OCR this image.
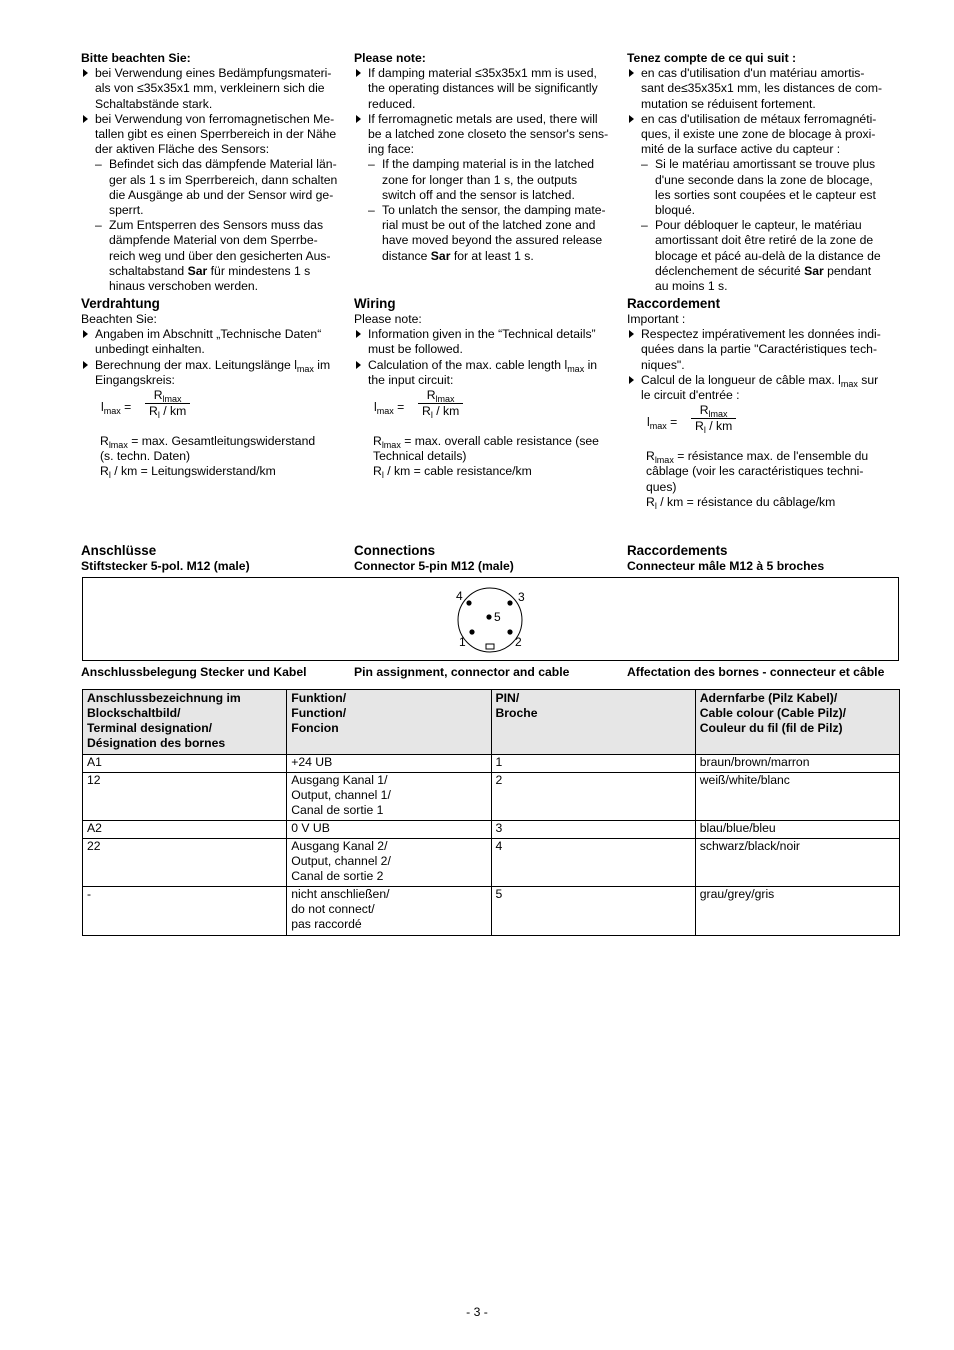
Bitte beachten Sie:
bei Verwendung eines Bedämpfungsmateri-
als von ≤35x35x1 mm, verkleinern sich die
Schaltabstände stark.
bei Verwendung von ferromagnetischen Me-
tallen gibt es einen Sperrbereich in der Nähe
der aktiven Fläche des Sensors:
– Befindet sich das dämpfende Material län-
ger als 1 s im Sperrbereich, dann schalten
die Ausgänge ab und der Sensor wird ge-
sperrt.
– Zum Entsperren des Sensors muss das
dämpfende Material von dem Sperrbe-
reich weg und über den gesicherten Aus-
schaltabstand Sar für mindestens 1 s
hinaus verschoben werden.
Please note:
If damping material ≤35x35x1 mm is used,
the operating distances will be significantly
reduced.
If ferromagnetic metals are used, there will
be a latched zone closeto the sensor's sens-
ing face:
– If the damping material is in the latched
zone for longer than 1 s, the outputs
switch off and the sensor is latched.
– To unlatch the sensor, the damping mate-
rial must be out of the latched zone and
have moved beyond the assured release
distance Sar for at least 1 s.
Tenez compte de ce qui suit :
en cas d'utilisation d'un matériau amortis-
sant de≤35x35x1 mm, les distances de com-
mutation se réduisent fortement.
en cas d'utilisation de métaux ferromagnéti-
ques, il existe une zone de blocage à proxi-
mité de la surface active du capteur :
– Si le matériau amortissant se trouve plus
d'une seconde dans la zone de blocage,
les sorties sont coupées et le capteur est
bloqué.
– Pour débloquer le capteur, le matériau
amortissant doit être retiré de la zone de
blocage et pácé au-delà de la distance de
déclenchement de sécurité Sar pendant
au moins 1 s.
Verdrahtung
Beachten Sie:
Angaben im Abschnitt „Technische Daten“
unbedingt einhalten.
Berechnung der max. Leitungslänge $l_{max}$ im
Eingangskreis:
$l_{max}$ =
$R_{lmax}$
$R_l$ / km
$R_{lmax} = \max$. Gesamtleitungswiderstand
(s. techn. Daten)
$R_l$ / km = Leitungswiderstand/km
Wiring
Please note:
Information given in the “Technical details”
must be followed.
Calculation of the max. cable length $l_{max}$ in
the input circuit:
$l_{max}$ =
$R_{lmax}$
$R_l$ / km
$R_{lmax} = \max$. overall cable resistance (see
Technical details)
$R_l$ / km = cable resistance/km
Raccordement
Important :
Respectez impérativement les données indi-
quées dans la partie "Caractéristiques tech-
niques".
Calcul de la longueur de câble max. $l_{max}$ sur
le circuit d'entrée :
$l_{max}$ =
$R_{lmax}$
$R_l$ / km
$R_{lmax}$ = résistance max. de l'ensemble du
câblage (voir les caractéristiques techni-
ques)
$R_l$ / km = résistance du câblage/km
Anschlüsse
Stiftstecker 5-pol. M12 (male)
Connections
Connector 5-pin M12 (male)
Raccordements
Connecteur mâle M12 à 5 broches
1	2
3
4
5
Anschlussbelegung Stecker und Kabel	Pin assignment, connector and cable	Affectation des bornes - connecteur et câble
Anschlussbezeichnung im
Blockschaltbild/
Terminal designation/
Désignation des bornes	Funktion/
Function/
Foncion	PIN/
Broche	Adernfarbe (Pilz Kabel)/
Cable colour (Cable Pilz)/
Couleur du fil (fil de Pilz)
A1	+24 UB	1	braun/brown/marron
12	Ausgang Kanal 1/
Output, channel 1/
Canal de sortie 1	2	weiß/white/blanc
A2	0 V UB	3	blau/blue/bleu
22	Ausgang Kanal 2/
Output, channel 2/
Canal de sortie 2	4	schwarz/black/noir
-	nicht anschließen/
do not connect/
pas raccordé	5	grau/grey/gris
- 3 -
